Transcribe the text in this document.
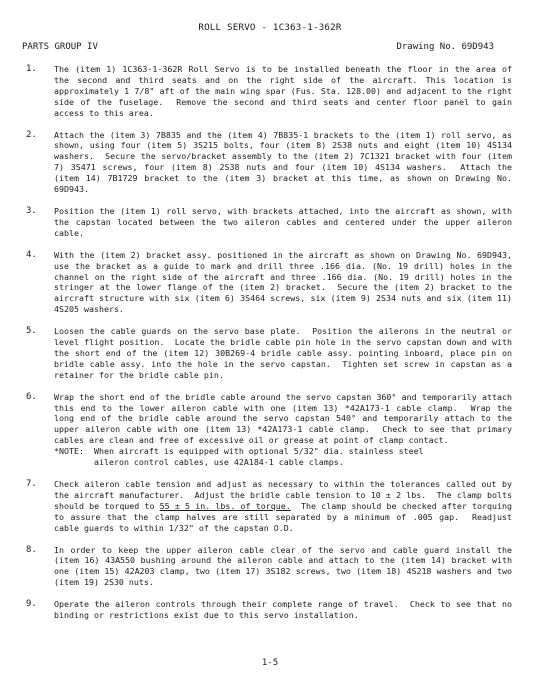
ROLL SERVO - 1C363-1-362R
PARTS GROUP IV	Drawing No. 69D943
1. The (item 1) 1C363-1-362R Roll Servo is to be installed beneath the floor in the area of the second and third seats and on the right side of the aircraft. This location is approximately 1 7/8" aft of the main wing spar (Fus. Sta. 128.00) and adjacent to the right side of the fuselage.  Remove the second and third seats and center floor panel to gain access to this area.

2. Attach the (item 3) 7B835 and the (item 4) 7B835-1 brackets to the (item 1) roll servo, as shown, using four (item 5) 3S215 bolts, four (item 8) 2S38 nuts and eight (item 10) 4S134 washers.  Secure the servo/bracket assembly to the (item 2) 7C1321 bracket with four (item 7) 3S471 screws, four (item 8) 2S38 nuts and four (item 10) 4S134 washers.  Attach the (item 14) 7B1729 bracket to the (item 3) bracket at this time, as shown on Drawing No. 69D943.

3. Position the (item 1) roll servo, with brackets attached, into the aircraft as shown, with the capstan located between the two aileron cables and centered under the upper aileron cable.

4. With the (item 2) bracket assy. positioned in the aircraft as shown on Drawing No. 69D943, use the bracket as a guide to mark and drill three .166 dia. (No. 19 drill) holes in the channel on the right side of the aircraft and three .166 dia. (No. 19 drill) holes in the stringer at the lower flange of the (item 2) bracket.  Secure the (item 2) bracket to the aircraft structure with six (item 6) 3S464 screws, six (item 9) 2S34 nuts and six (item 11) 4S205 washers.

5. Loosen the cable guards on the servo base plate.  Position the ailerons in the neutral or level flight position.  Locate the bridle cable pin hole in the servo capstan down and with the short end of the (item 12) 30B269-4 bridle cable assy. pointing inboard, place pin on bridle cable assy. into the hole in the servo capstan.  Tighten set screw in capstan as a retainer for the bridle cable pin.

6. Wrap the short end of the bridle cable around the servo capstan 360° and temporarily attach this end to the lower aileron cable with one (item 13) *42A173-1 cable clamp.  Wrap the long end of the bridle cable around the servo capstan 540° and temporarily attach to the upper aileron cable with one (item 13) *42A173-1 cable clamp.  Check to see that primary cables are clean and free of excessive oil or grease at point of clamp contact.
*NOTE:  When aircraft is equipped with optional 5/32" dia. stainless steel
aileron control cables, use 42A184-1 cable clamps.

7. Check aileron cable tension and adjust as necessary to within the tolerances called out by the aircraft manufacturer.  Adjust the bridle cable tension to 10 ± 2 lbs.  The clamp bolts should be torqued to 55 ± 5 in. lbs. of torque.  The clamp should be checked after torquing to assure that the clamp halves are still separated by a minimum of .005 gap.  Readjust cable guards to within 1/32" of the capstan O.D.

8. In order to keep the upper aileron cable clear of the servo and cable guard install the (item 16) 43A550 bushing around the aileron cable and attach to the (item 14) bracket with one (item 15) 42A203 clamp, two (item 17) 3S182 screws, two (item 18) 4S218 washers and two (item 19) 2S30 nuts.

9. Operate the aileron controls through their complete range of travel.  Check to see that no binding or restrictions exist due to this servo installation.

1-5
